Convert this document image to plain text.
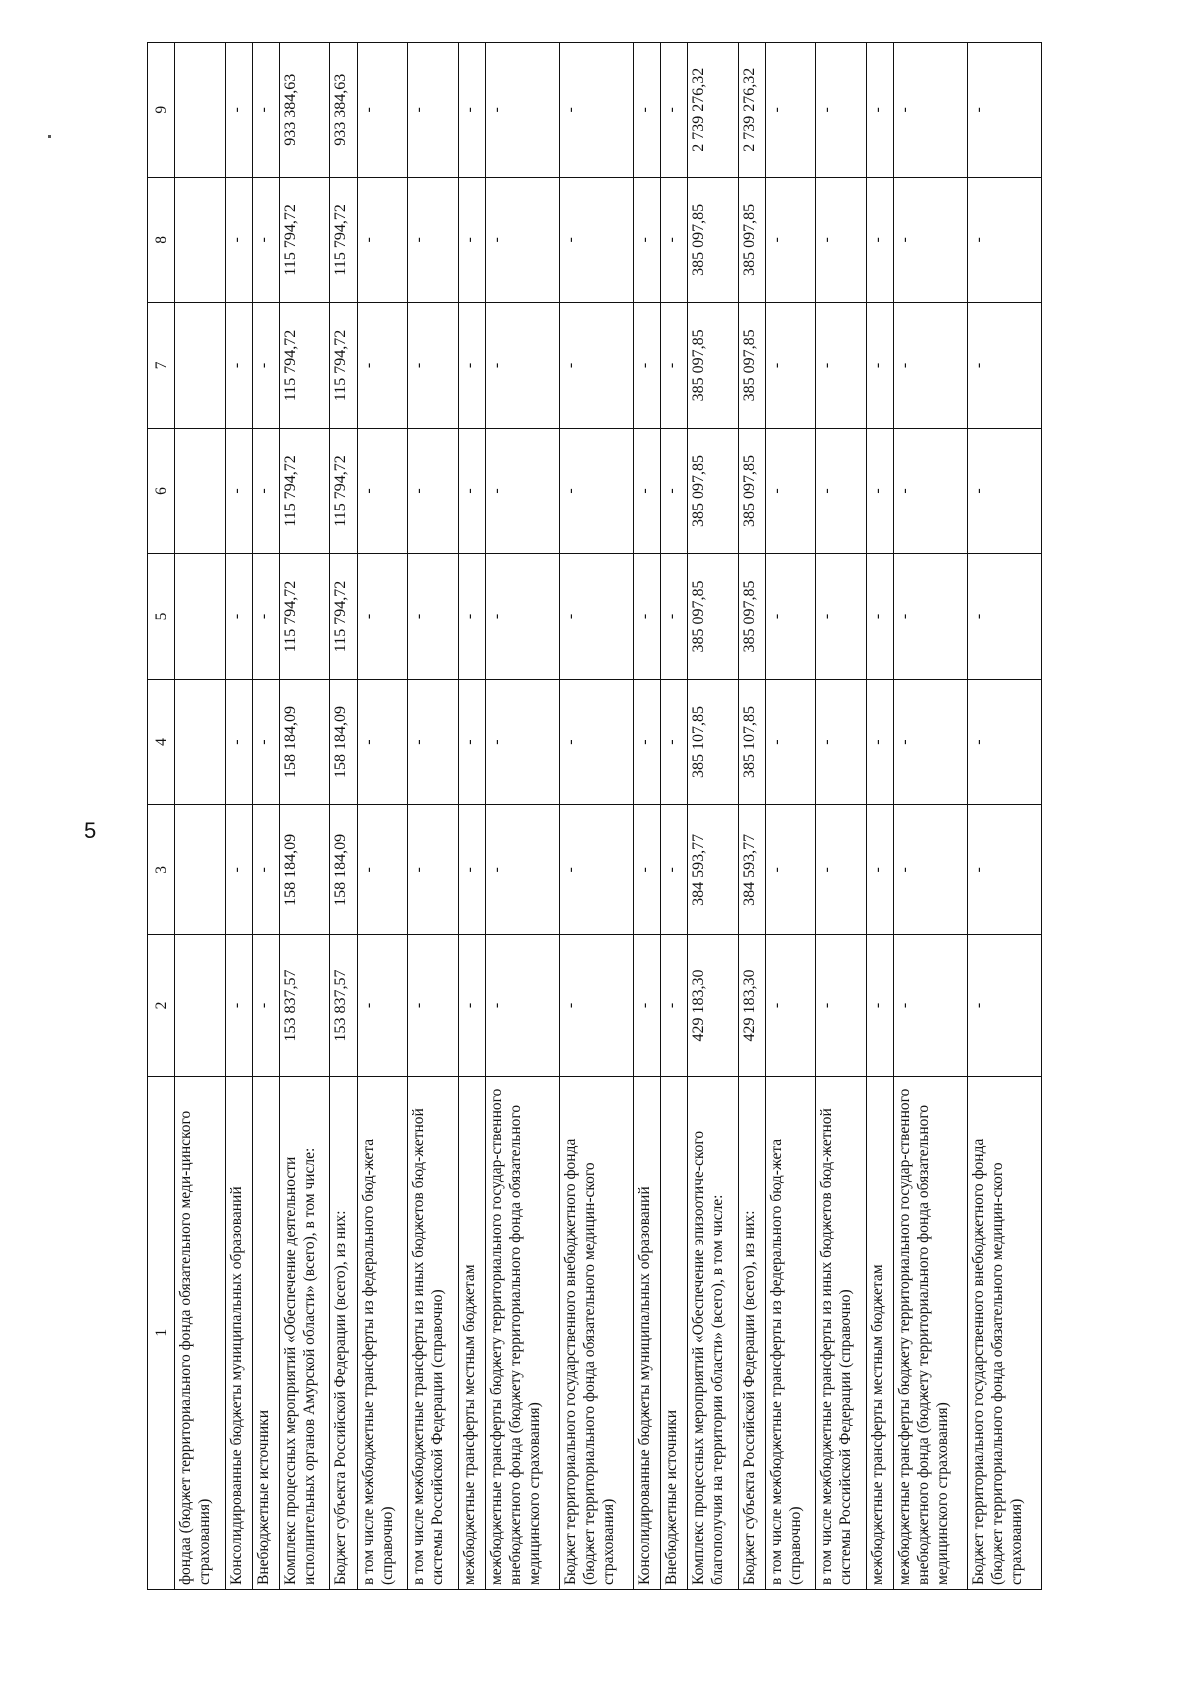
5
1	2	3	4	5	6	7	8	9
фондаа (бюджет территориального фонда обязательного меди-цинского страхования)								
Консолидированные бюджеты муниципальных образований	-	-	-	-	-	-	-	-
Внебюджетные источники	-	-	-	-	-	-	-	-
Комплекс процессных мероприятий «Обеспечение деятельности исполнительных органов Амурской области» (всего), в том числе:	153 837,57	158 184,09	158 184,09	115 794,72	115 794,72	115 794,72	115 794,72	933 384,63
Бюджет субъекта Российской Федерации (всего), из них:	153 837,57	158 184,09	158 184,09	115 794,72	115 794,72	115 794,72	115 794,72	933 384,63
в том числе межбюджетные трансферты из федерального бюд-жета (справочно)	-	-	-	-	-	-	-	-
в том числе межбюджетные трансферты из иных бюджетов бюд-жетной системы Российской Федерации (справочно)	-	-	-	-	-	-	-	-
межбюджетные трансферты местным бюджетам	-	-	-	-	-	-	-	-
межбюджетные трансферты бюджету территориального государ-ственного внебюджетного фонда (бюджету территориального фонда обязательного медицинского страхования)	-	-	-	-	-	-	-	-
Бюджет территориального государственного внебюджетного фонда (бюджет территориального фонда обязательного медицин-ского страхования)	-	-	-	-	-	-	-	-
Консолидированные бюджеты муниципальных образований	-	-	-	-	-	-	-	-
Внебюджетные источники	-	-	-	-	-	-	-	-
Комплекс процессных мероприятий «Обеспечение эпизоотиче-ского благополучия на территории области» (всего), в том числе:	429 183,30	384 593,77	385 107,85	385 097,85	385 097,85	385 097,85	385 097,85	2 739 276,32
Бюджет субъекта Российской Федерации (всего), из них:	429 183,30	384 593,77	385 107,85	385 097,85	385 097,85	385 097,85	385 097,85	2 739 276,32
в том числе межбюджетные трансферты из федерального бюд-жета (справочно)	-	-	-	-	-	-	-	-
в том числе межбюджетные трансферты из иных бюджетов бюд-жетной системы Российской Федерации (справочно)	-	-	-	-	-	-	-	-
межбюджетные трансферты местным бюджетам	-	-	-	-	-	-	-	-
межбюджетные трансферты бюджету территориального государ-ственного внебюджетного фонда (бюджету территориального фонда обязательного медицинского страхования)	-	-	-	-	-	-	-	-
Бюджет территориального государственного внебюджетного фонда (бюджет территориального фонда обязательного медицин-ского страхования)	-	-	-	-	-	-	-	-
